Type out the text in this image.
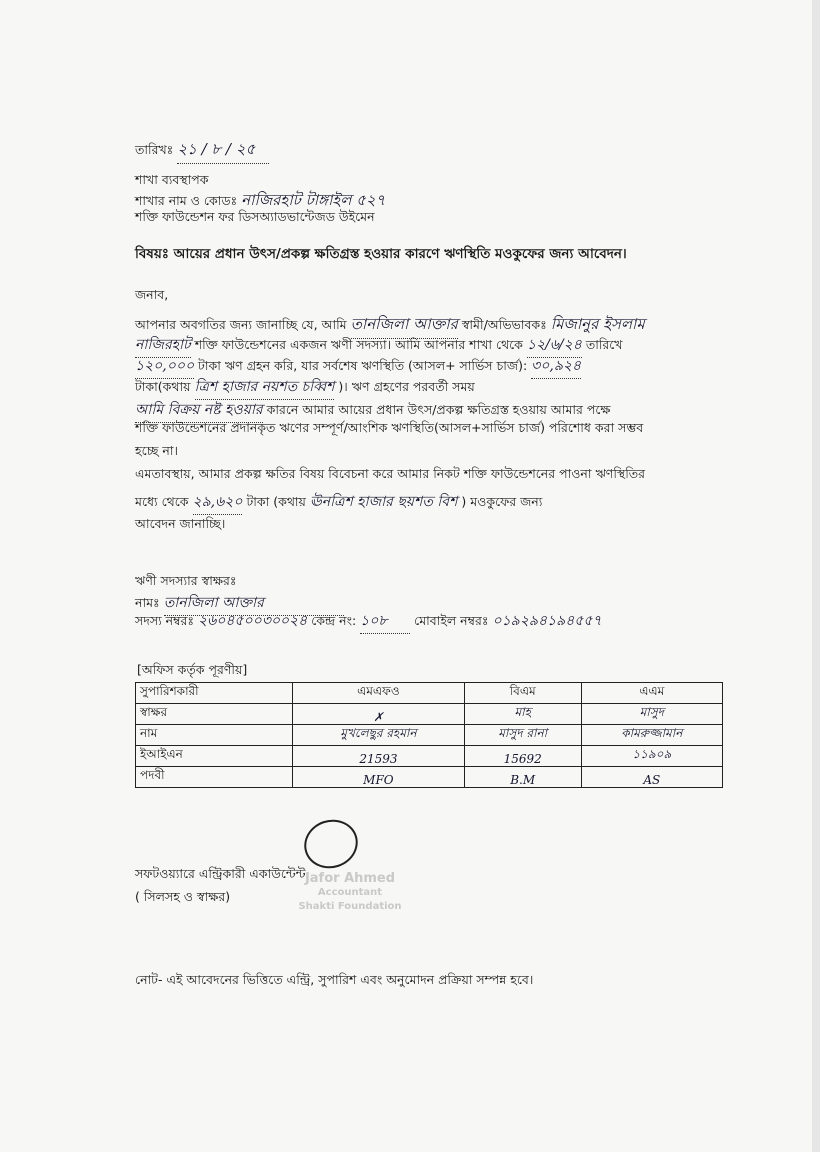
তারিখঃ ২১ / ৮ / ২৫
শাখা ব্যবস্থাপক
শাখার নাম ও কোডঃ নাজিরহাট টাঙ্গাইল ৫২৭
শক্তি ফাউন্ডেশন ফর ডিসঅ্যাডভান্টেজড উইমেন
বিষয়ঃ আয়ের প্রধান উৎস/প্রকল্প ক্ষতিগ্রস্ত হওয়ার কারণে ঋণস্থিতি মওকুফের জন্য আবেদন।
জনাব,
আপনার অবগতির জন্য জানাচ্ছি যে, আমি তানজিলা আক্তার স্বামী/অভিভাবকঃ মিজানুর ইসলাম
নাজিরহাট শক্তি ফাউন্ডেশনের একজন ঋণী সদস্যা। আমি আপনার শাখা থেকে ১২/৬/২৪ তারিখে
১২০,০০০ টাকা ঋণ গ্রহন করি, যার সর্বশেষ ঋণস্থিতি (আসল+ সার্ভিস চার্জ): ৩০,৯২৪
টাকা(কথায় ত্রিশ হাজার নয়শত চব্বিশ )। ঋণ গ্রহণের পরবর্তী সময়
আমি বিক্রয় নষ্ট হওয়ার কারনে আমার আয়ের প্রধান উৎস/প্রকল্প ক্ষতিগ্রস্ত হওয়ায় আমার পক্ষে
শক্তি ফাউন্ডেশনের প্রদানকৃত ঋণের সম্পূর্ণ/আংশিক ঋণস্থিতি(আসল+সার্ভিস চার্জ) পরিশোধ করা সম্ভব
হচ্ছে না।
এমতাবস্থায়, আমার প্রকল্প ক্ষতির বিষয় বিবেচনা করে আমার নিকট শক্তি ফাউন্ডেশনের পাওনা ঋণস্থিতির
মধ্যে থেকে ২৯,৬২০ টাকা (কথায় ঊনত্রিশ হাজার ছয়শত বিশ ) মওকুফের জন্য
আবেদন জানাচ্ছি।
ঋণী সদস্যার স্বাক্ষরঃ
নামঃ তানজিলা আক্তার
সদস্য নম্বরঃ ২৬০৪৫০০৩০০২৪ কেন্দ্র নং: ১০৮ মোবাইল নম্বরঃ ০১৯২৯৪১৯৪৫৫৭
[অফিস কর্তৃক পূরণীয়]
সুপারিশকারী	এমএফও	বিএম	এএম
স্বাক্ষর	✗	মাহ	মাসুদ
নাম	মুখলেছুর রহমান	মাসুদ রানা	কামরুজ্জামান
ইআইএন	21593	15692	১১৯০৯
পদবী	MFO	B.M	AS
Jafor Ahmed
Accountant
Shakti Foundation
সফটওয়্যারে এন্ট্রিকারী একাউন্টেন্ট
( সিলসহ ও স্বাক্ষর)
নোট- এই আবেদনের ভিত্তিতে এন্ট্রি, সুপারিশ এবং অনুমোদন প্রক্রিয়া সম্পন্ন হবে।
